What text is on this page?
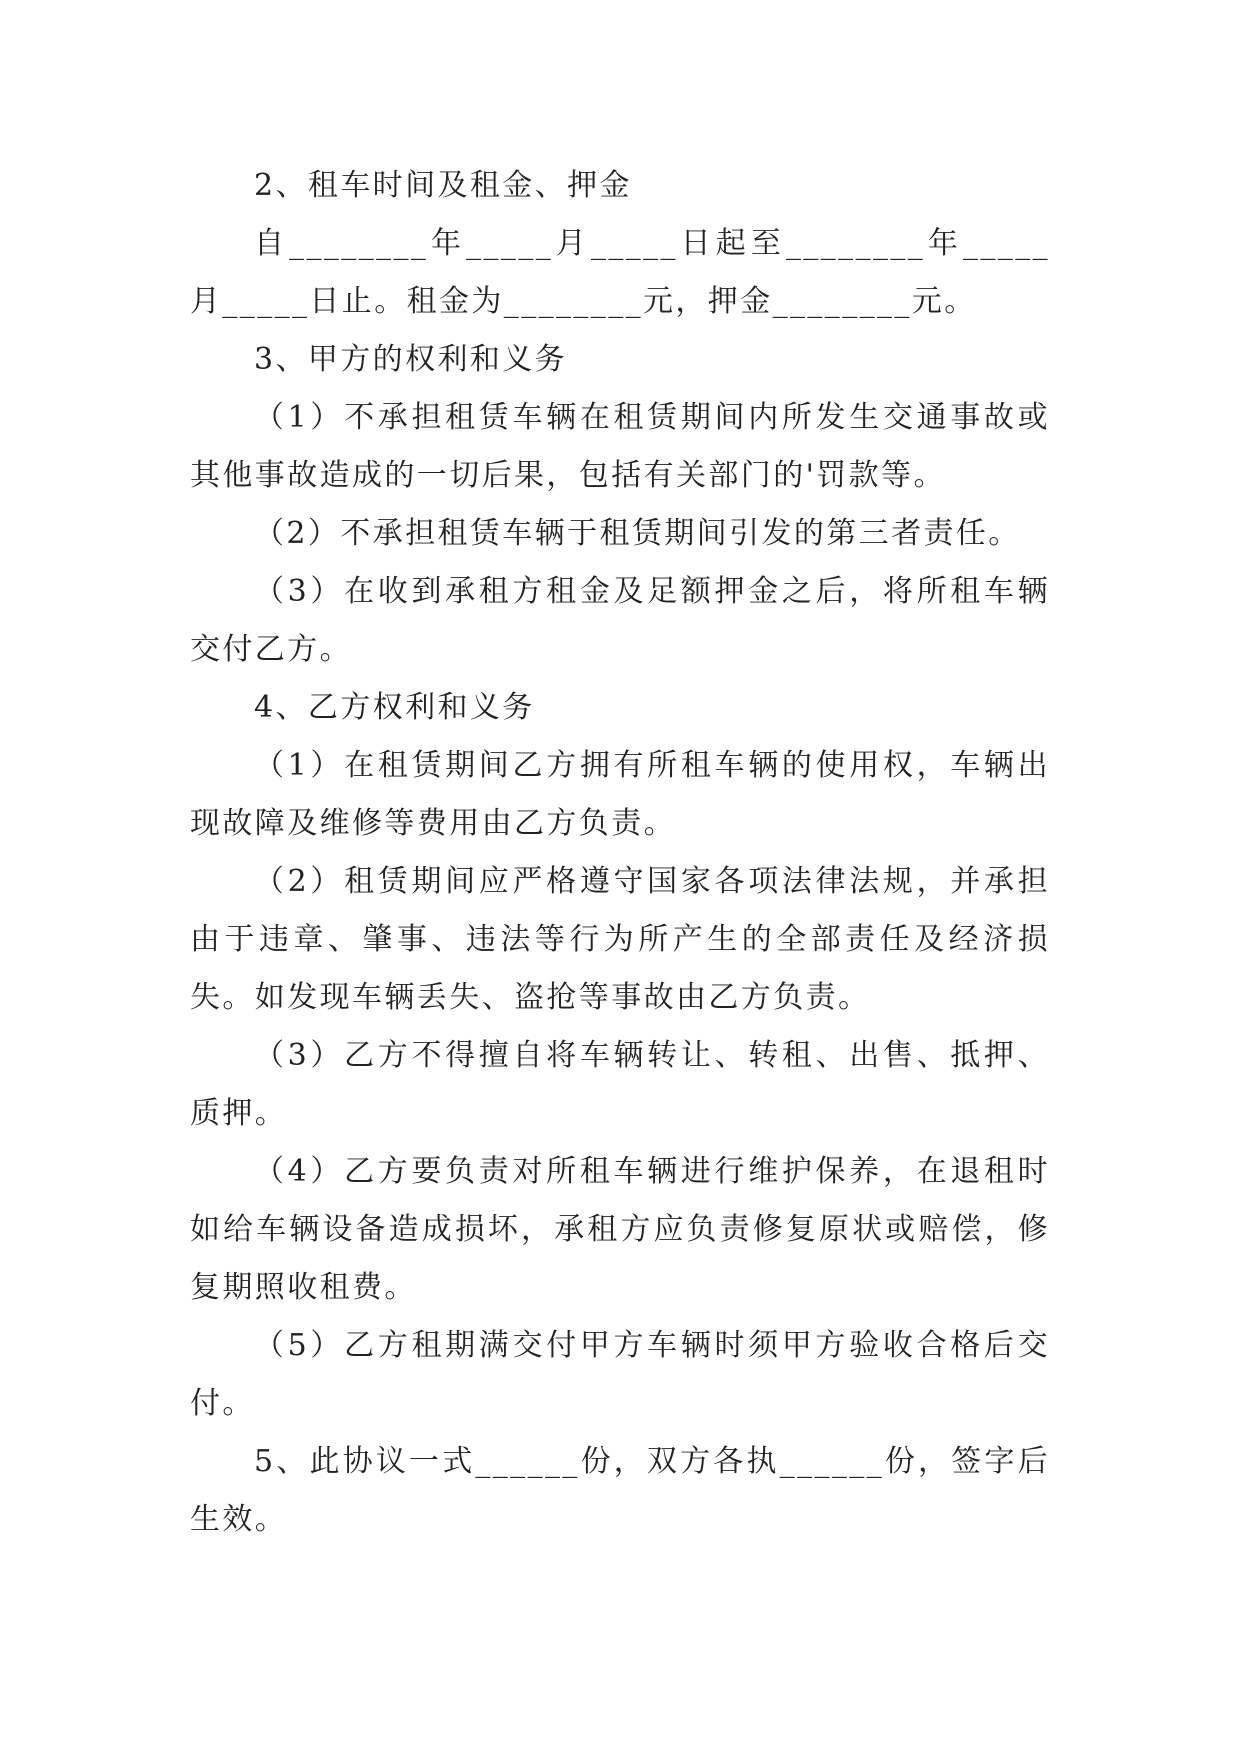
2、租车时间及租金、押金

自________年_____月_____日起至________年_____月_____日止。租金为________元，押金________元。

3、甲方的权利和义务

（1）不承担租赁车辆在租赁期间内所发生交通事故或其他事故造成的一切后果，包括有关部门的'罚款等。

（2）不承担租赁车辆于租赁期间引发的第三者责任。

（3）在收到承租方租金及足额押金之后，将所租车辆交付乙方。

4、乙方权利和义务

（1）在租赁期间乙方拥有所租车辆的使用权，车辆出现故障及维修等费用由乙方负责。

（2）租赁期间应严格遵守国家各项法律法规，并承担由于违章、肇事、违法等行为所产生的全部责任及经济损失。如发现车辆丢失、盗抢等事故由乙方负责。

（3）乙方不得擅自将车辆转让、转租、出售、抵押、质押。

（4）乙方要负责对所租车辆进行维护保养，在退租时如给车辆设备造成损坏，承租方应负责修复原状或赔偿，修复期照收租费。

（5）乙方租期满交付甲方车辆时须甲方验收合格后交付。

5、此协议一式______份，双方各执______份，签字后生效。
